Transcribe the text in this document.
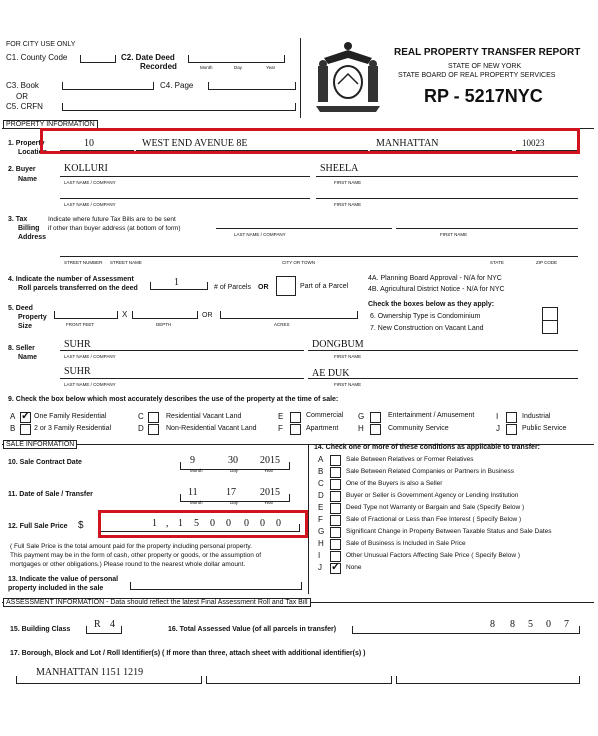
FOR CITY USE ONLY
C1. County Code	C2. Date Deed
Recorded	Month	Day	Year
C3. Book	C4. Page
OR
C5. CRFN
REAL PROPERTY TRANSFER REPORT
STATE OF NEW YORK
STATE BOARD OF REAL PROPERTY SERVICES
RP - 5217NYC
PROPERTY INFORMATION
1. Property
Location
10	WEST END AVENUE 8E	MANHATTAN	10023
2. Buyer
Name
KOLLURI	SHEELA
LAST NAME / COMPANY	FIRST NAME
LAST NAME / COMPANY	FIRST NAME
3. Tax
Billing
Address
Indicate where future Tax Bills are to be sent
if other than buyer address (at bottom of form)
LAST NAME / COMPANY	FIRST NAME
STREET NUMBER STREET NAME	CITY OR TOWN	STATE	ZIP CODE
4. Indicate the number of Assessment
Roll parcels transferred on the deed
1	# of Parcels OR	Part of a Parcel
4A. Planning Board Approval - N/A for NYC
4B. Agricultural District Notice - N/A for NYC
Check the boxes below as they apply:
6. Ownership Type is Condominium
7. New Construction on Vacant Land
5. Deed
Property
Size
X	OR
FRONT FEET	DEPTH	ACRES
8. Seller
Name
SUHR	DONGBUM
LAST NAME / COMPANY	FIRST NAME
SUHR	AE DUK
LAST NAME / COMPANY	FIRST NAME
9. Check the box below which most accurately describes the use of the property at the time of sale:
A ✓ One Family Residential
B	2 or 3 Family Residential
C	Residential Vacant Land
D	Non-Residential Vacant Land
E	Commercial
F	Apartment
G	Entertainment / Amusement
H	Community Service
I	Industrial
J	Public Service
SALE INFORMATION
10. Sale Contract Date	9	30 2015
Month	Day	Year
11. Date of Sale / Transfer	11	17 2015
Month	Day	Year
12. Full Sale Price $	1 , 1 5 0 0 0 0 0
( Full Sale Price is the total amount paid for the property including personal property.
This payment may be in the form of cash, other property or goods, or the assumption of
mortgages or other obligations.) Please round to the nearest whole dollar amount.
13. Indicate the value of personal
property included in the sale
14. Check one or more of these conditions as applicable to transfer:
A	Sale Between Relatives or Former Relatives
B	Sale Between Related Companies or Partners in Business
C	One of the Buyers is also a Seller
D	Buyer or Seller is Government Agency or Lending Institution
E	Deed Type not Warranty or Bargain and Sale (Specify Below )
F	Sale of Fractional or Less than Fee Interest ( Specify Below )
G	Significant Change in Property Between Taxable Status and Sale Dates
H	Sale of Business is Included in Sale Price
I	Other Unusual Factors Affecting Sale Price ( Specify Below )
J ✓ None
ASSESSMENT INFORMATION - Data should reflect the latest Final Assessment Roll and Tax Bill
15. Building Class R 4	16. Total Assessed Value (of all parcels in transfer)	8 8 5 0 7
17. Borough, Block and Lot / Roll Identifier(s) ( If more than three, attach sheet with additional identifier(s) )
MANHATTAN 1151 1219
